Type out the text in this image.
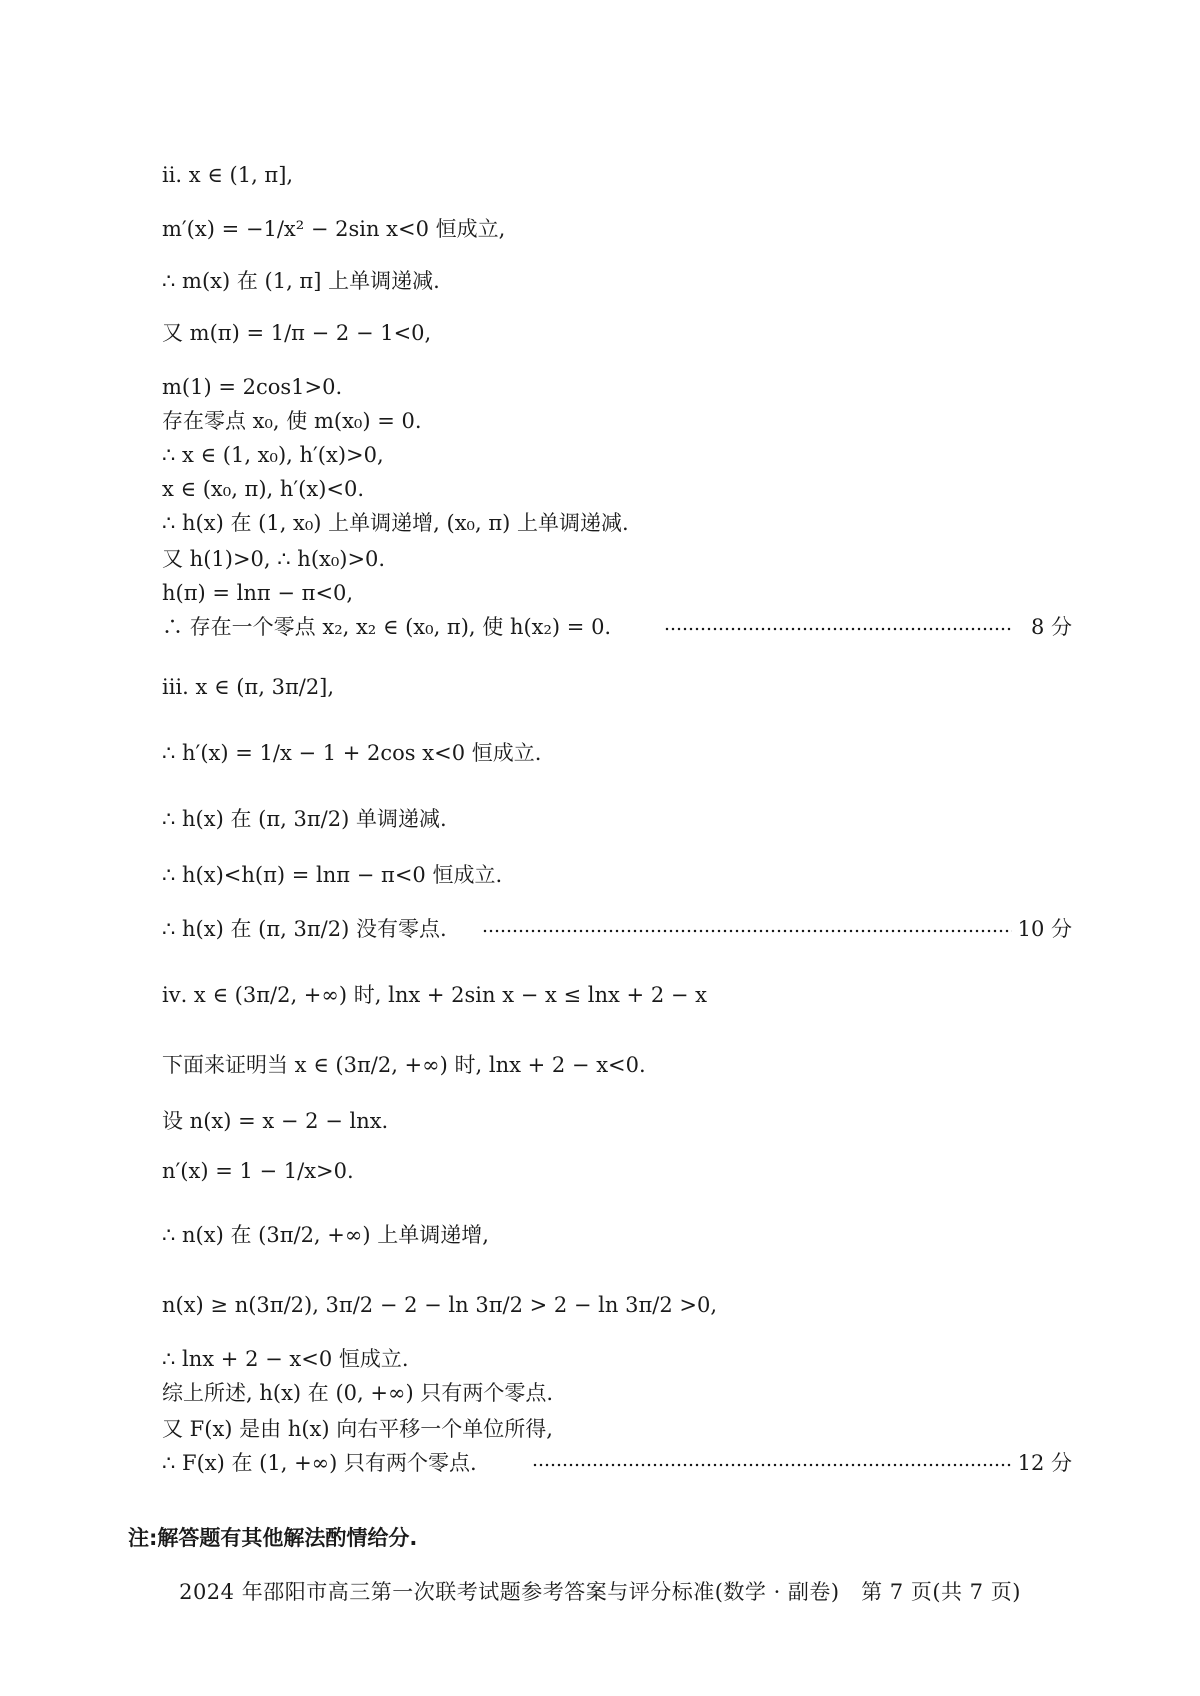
ⅱ. x ∈ (1, π],
m′(x) = −1/x² − 2sin x<0 恒成立,
∴ m(x) 在 (1, π] 上单调递减.
又 m(π) = 1/π − 2 − 1<0,
m(1) = 2cos1>0.
存在零点 x₀, 使 m(x₀) = 0.
∴ x ∈ (1, x₀), h′(x)>0,
x ∈ (x₀, π), h′(x)<0.
∴ h(x) 在 (1, x₀) 上单调递增, (x₀, π) 上单调递减.
又 h(1)>0, ∴ h(x₀)>0.
h(π) = lnπ − π<0,
∴ 存在一个零点 x₂, x₂ ∈ (x₀, π), 使 h(x₂) = 0.	8 分
ⅲ. x ∈ (π, 3π/2],
∴ h′(x) = 1/x − 1 + 2cos x<0 恒成立.
∴ h(x) 在 (π, 3π/2) 单调递减.
∴ h(x)<h(π) = lnπ − π<0 恒成立.
∴ h(x) 在 (π, 3π/2) 没有零点.	10 分
ⅳ. x ∈ (3π/2, +∞) 时, lnx + 2sin x − x ≤ lnx + 2 − x
下面来证明当 x ∈ (3π/2, +∞) 时, lnx + 2 − x<0.
设 n(x) = x − 2 − lnx.
n′(x) = 1 − 1/x>0.
∴ n(x) 在 (3π/2, +∞) 上单调递增,
n(x) ≥ n(3π/2), 3π/2 − 2 − ln 3π/2 > 2 − ln 3π/2 >0,
∴ lnx + 2 − x<0 恒成立.
综上所述, h(x) 在 (0, +∞) 只有两个零点.
又 F(x) 是由 h(x) 向右平移一个单位所得,
∴ F(x) 在 (1, +∞) 只有两个零点.	12 分
注:解答题有其他解法酌情给分.
2024 年邵阳市高三第一次联考试题参考答案与评分标准(数学 · 副卷)　第 7 页(共 7 页)
